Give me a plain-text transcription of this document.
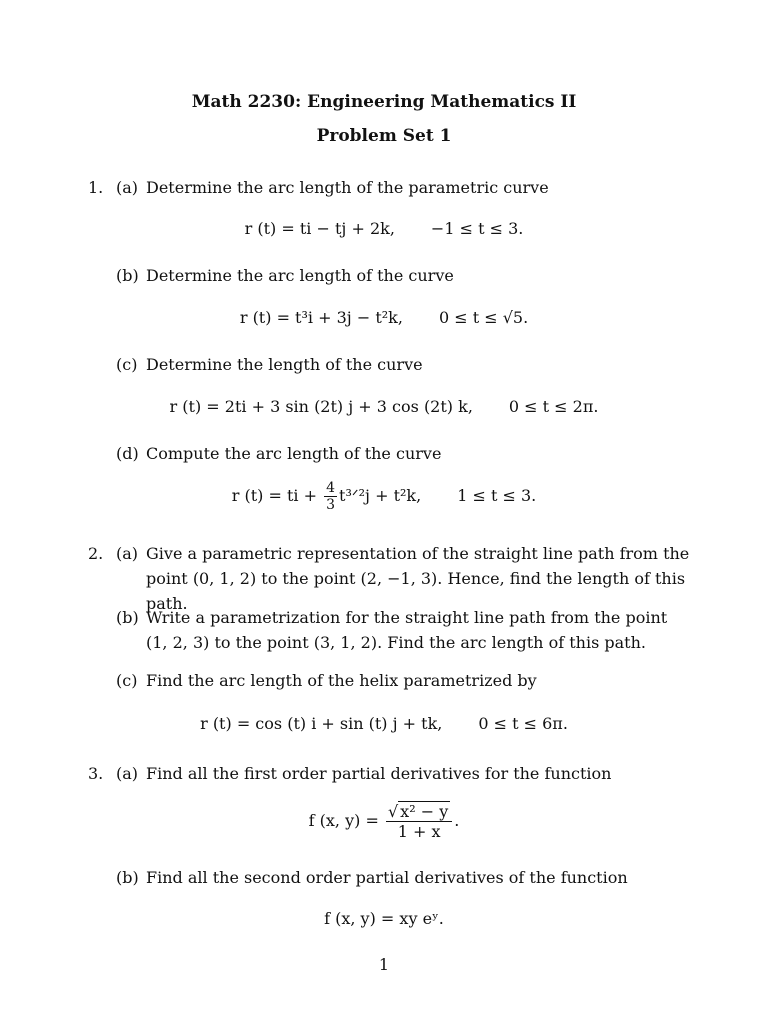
Math 2230: Engineering Mathematics II
Problem Set 1
1. (a) Determine the arc length of the parametric curve
r (t) = ti − tj + 2k, −1 ≤ t ≤ 3.
(b) Determine the arc length of the curve
r (t) = t³i + 3j − t²k, 0 ≤ t ≤ √5.
(c) Determine the length of the curve
r (t) = 2ti + 3 sin (2t) j + 3 cos (2t) k, 0 ≤ t ≤ 2π.
(d) Compute the arc length of the curve
r (t) = ti + $\frac{4}{3}$ t³ᐟ²j + t²k, 1 ≤ t ≤ 3.
2. (a) Give a parametric representation of the straight line path from the point (0, 1, 2) to the point (2, −1, 3). Hence, find the length of this path.
(b) Write a parametrization for the straight line path from the point (1, 2, 3) to the point (3, 1, 2). Find the arc length of this path.
(c) Find the arc length of the helix parametrized by
r (t) = cos (t) i + sin (t) j + tk, 0 ≤ t ≤ 6π.
3. (a) Find all the first order partial derivatives for the function
f (x, $y) = \frac{\text{√ x² − y}}{1 + x}$ .
(b) Find all the second order partial derivatives of the function
f (x, y) = xy eʸ.
1
